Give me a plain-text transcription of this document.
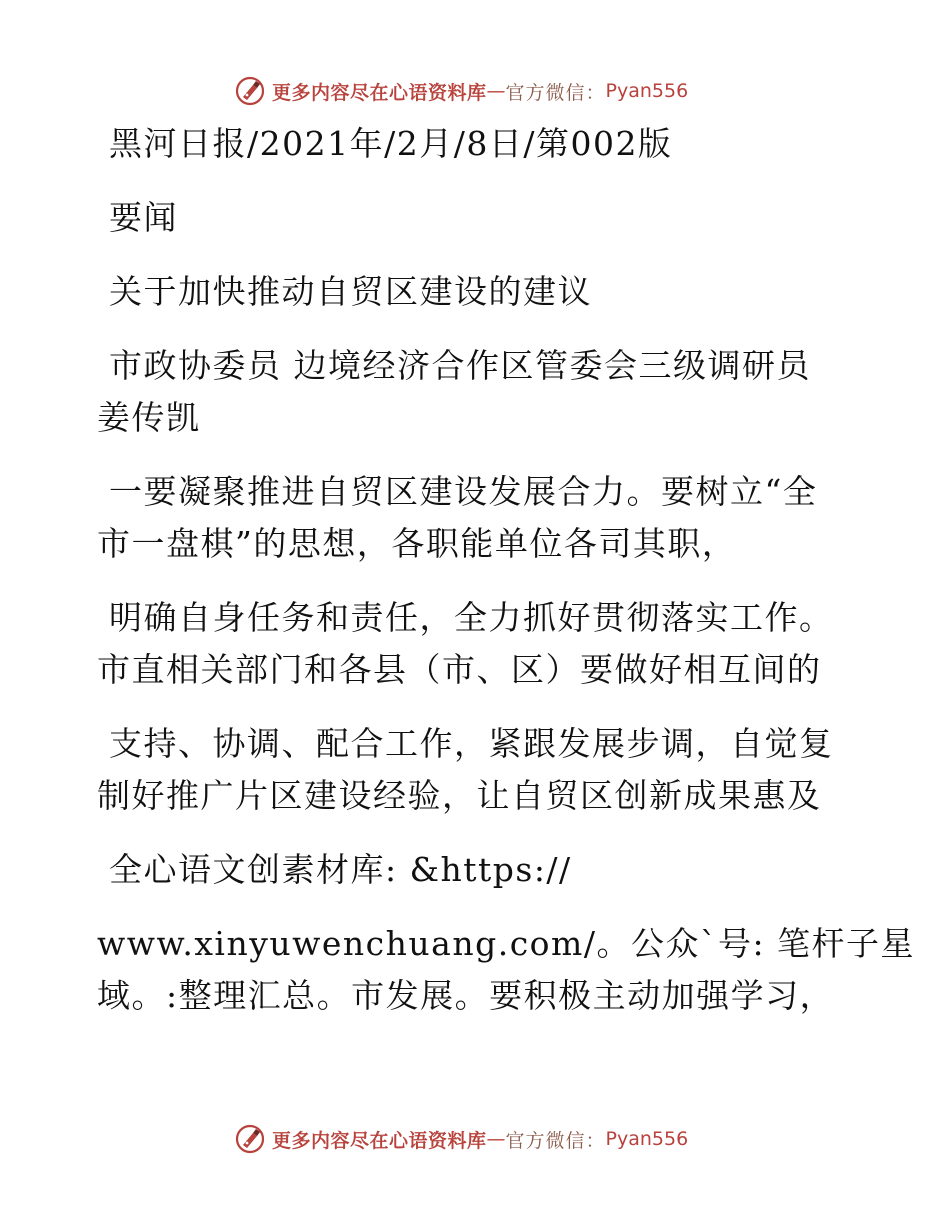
更多内容尽在心语资料库 — 官方微信： Pyan556
黑河日报/2021年/2月/8日/第002版
要闻
关于加快推动自贸区建设的建议
市政协委员 边境经济合作区管委会三级调研员
姜传凯
一要凝聚推进自贸区建设发展合力。要树立“全
市一盘棋”的思想，各职能单位各司其职，
明确自身任务和责任，全力抓好贯彻落实工作。
市直相关部门和各县（市、区）要做好相互间的
支持、协调、配合工作，紧跟发展步调，自觉复
制好推广片区建设经验，让自贸区创新成果惠及
全心语文创素材库: &https://
www.xinyuwenchuang.com/。公众`号: 笔杆子星
域。:整理汇总。市发展。要积极主动加强学习，
更多内容尽在心语资料库 — 官方微信： Pyan556
